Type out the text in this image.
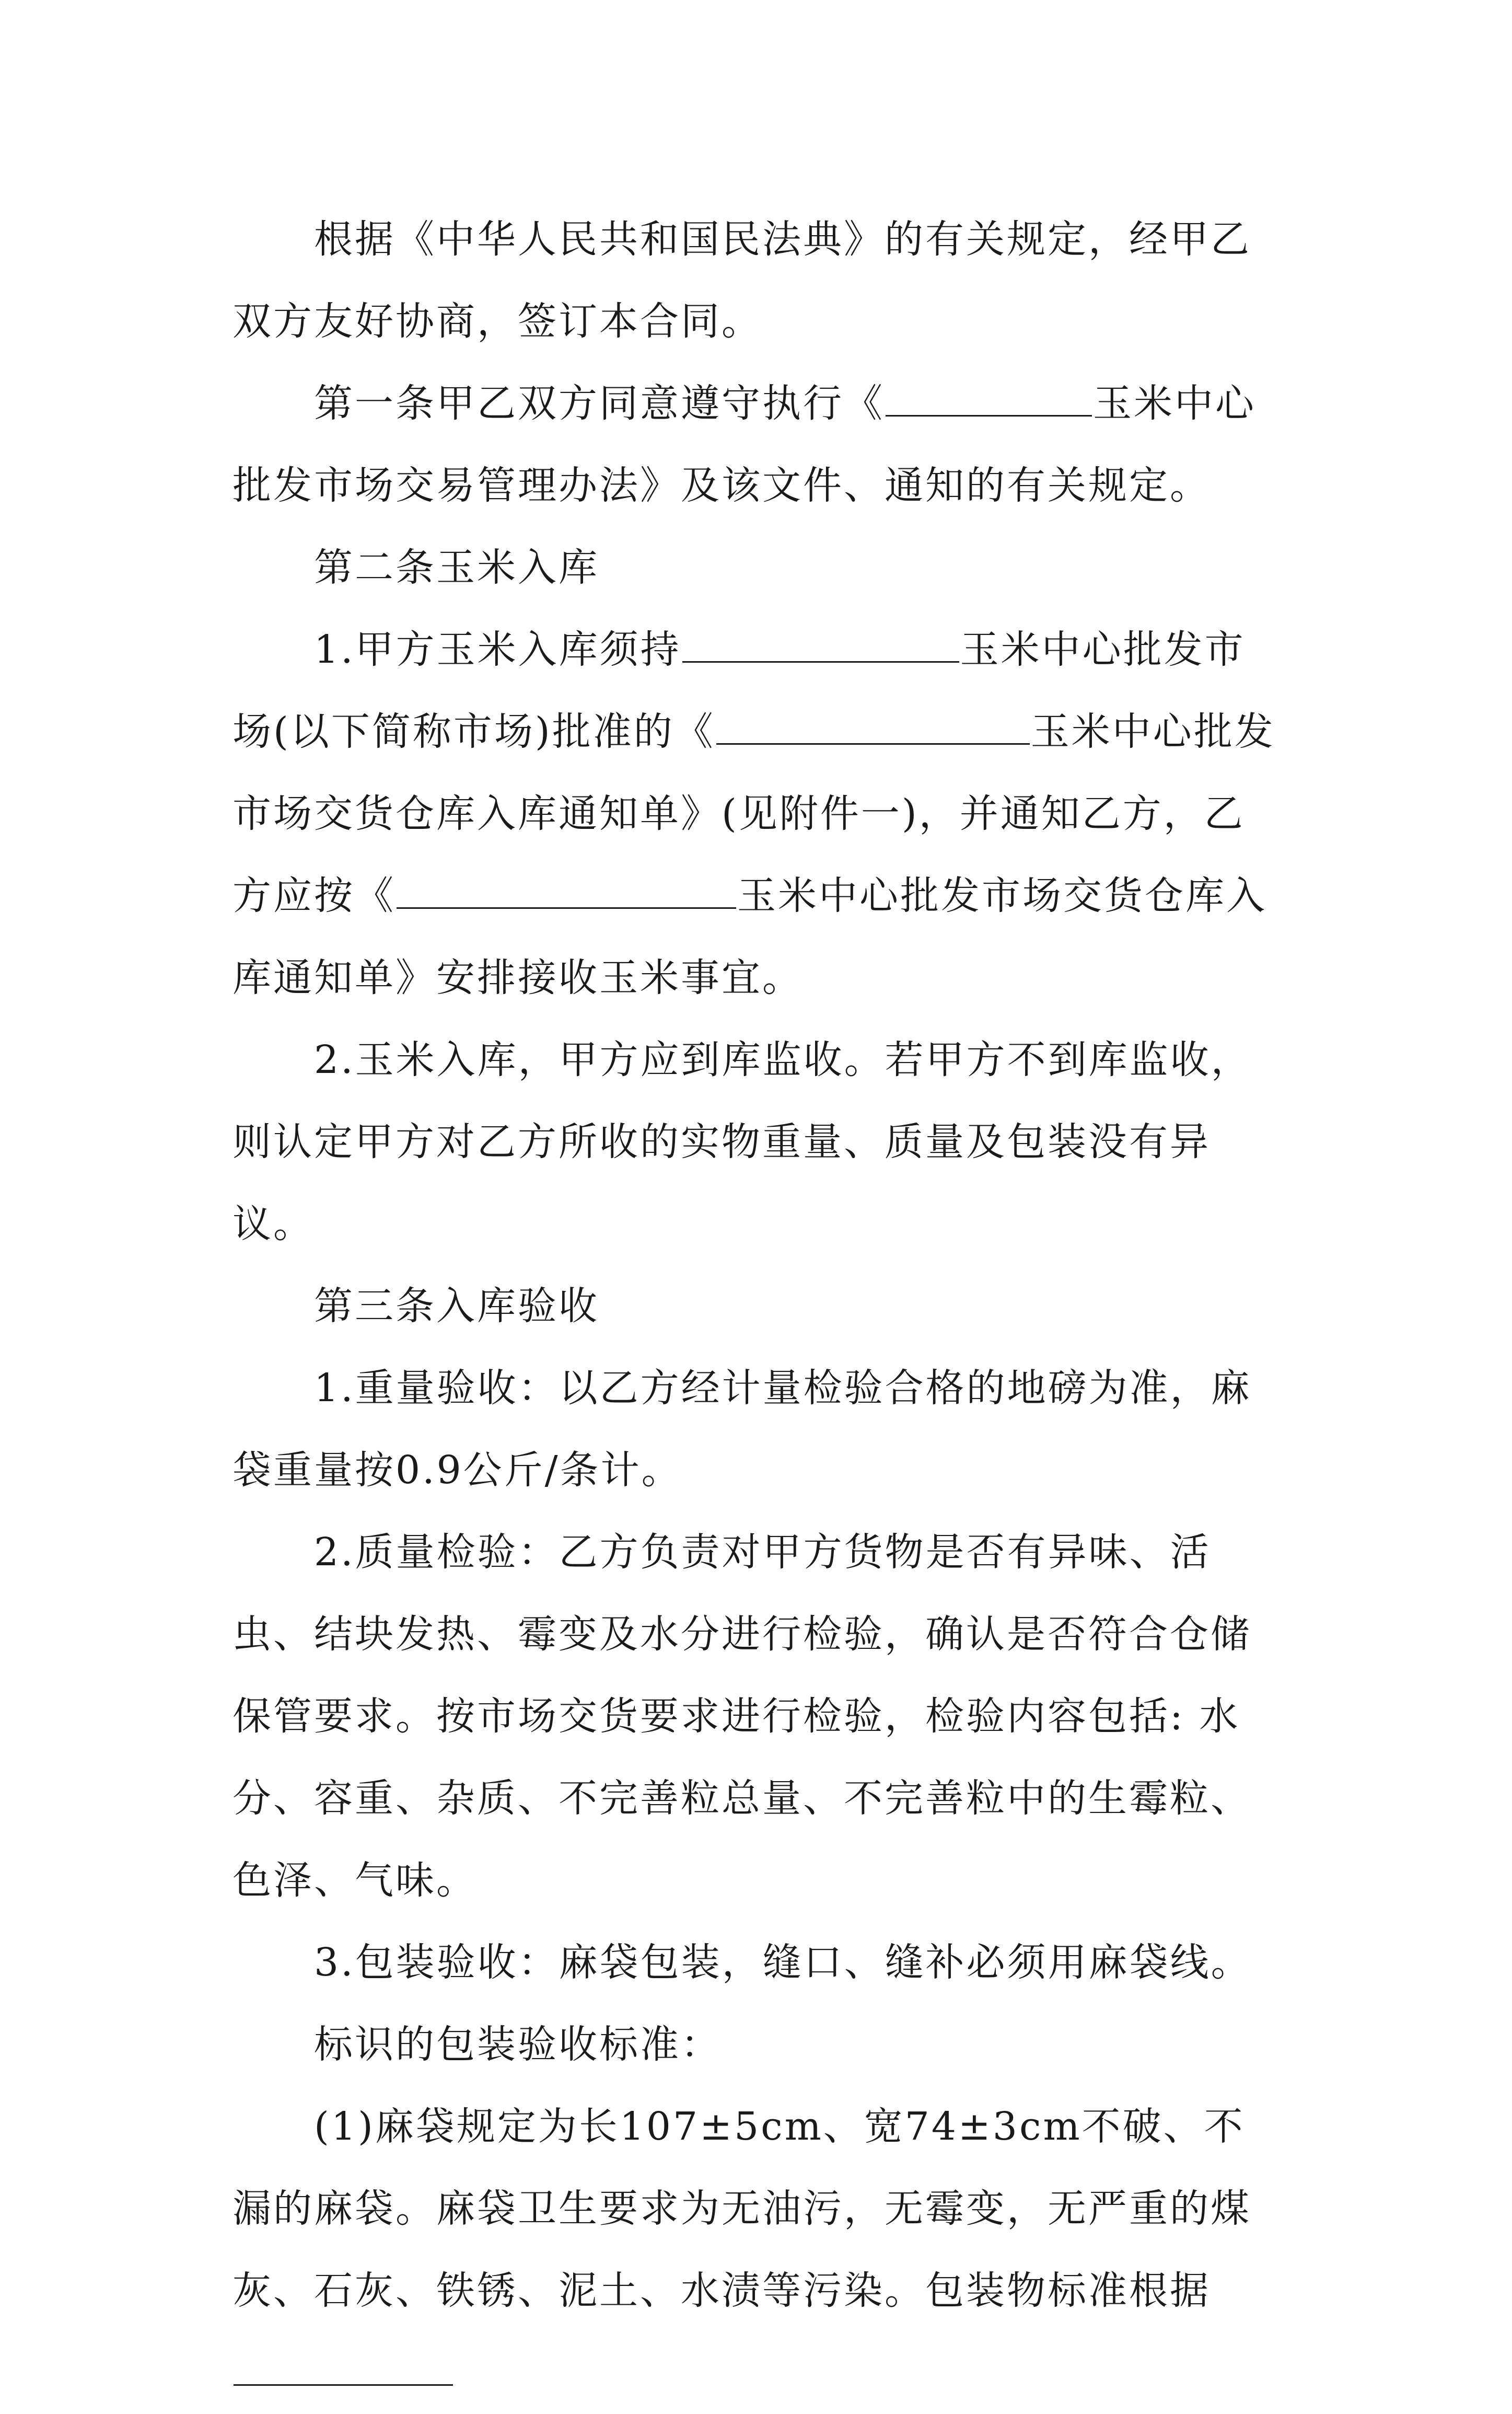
根据《中华人民共和国民法典》的有关规定，经甲乙双方友好协商，签订本合同。

第一条甲乙双方同意遵守执行《	玉米中心批发市场交易管理办法》及该文件、通知的有关规定。

第二条玉米入库

1.甲方玉米入库须持	玉米中心批发市场(以下简称市场)批准的《	玉米中心批发市场交货仓库入库通知单》(见附件一)，并通知乙方，乙方应按《	玉米中心批发市场交货仓库入库通知单》安排接收玉米事宜。

2.玉米入库，甲方应到库监收。若甲方不到库监收，则认定甲方对乙方所收的实物重量、质量及包装没有异议。

第三条入库验收

1.重量验收：以乙方经计量检验合格的地磅为准，麻袋重量按0.9公斤/条计。

2.质量检验：乙方负责对甲方货物是否有异味、活虫、结块发热、霉变及水分进行检验，确认是否符合仓储保管要求。按市场交货要求进行检验，检验内容包括: 水分、容重、杂质、不完善粒总量、不完善粒中的生霉粒、色泽、气味。

3.包装验收：麻袋包装，缝口、缝补必须用麻袋线。

标识的包装验收标准：

(1)麻袋规定为长107±5cm、宽74±3cm不破、不漏的麻袋。麻袋卫生要求为无油污，无霉变，无严重的煤灰、石灰、铁锈、泥土、水渍等污染。包装物标准根据
